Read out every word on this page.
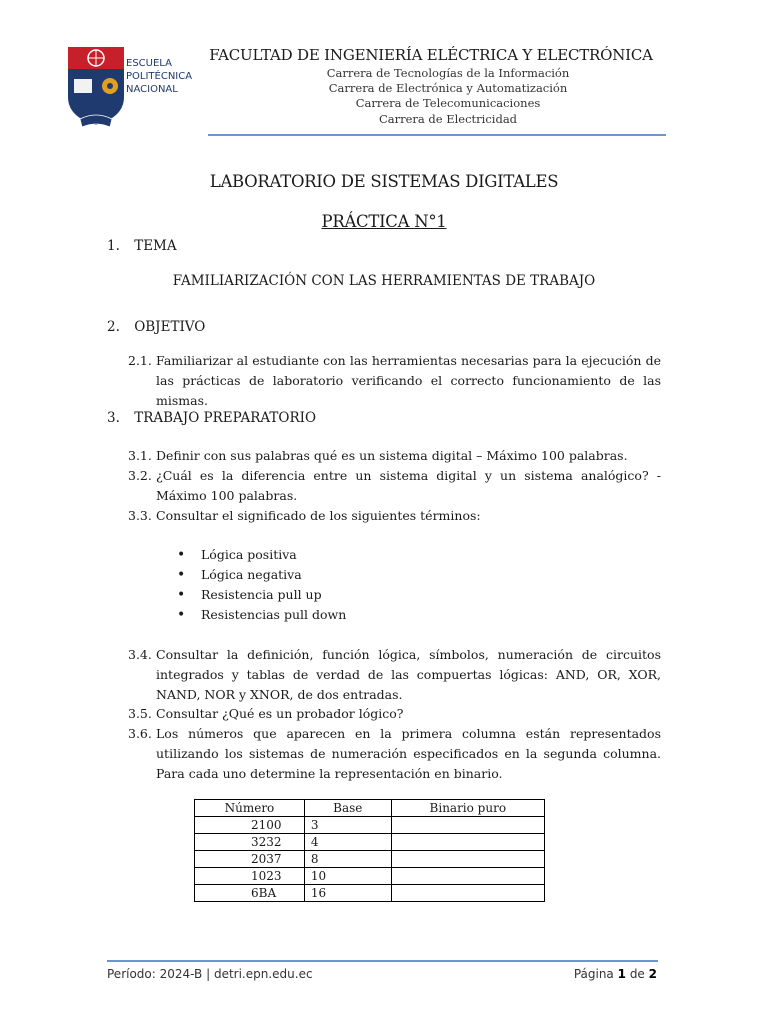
ESCUELA
POLITÉCNICA
NACIONAL
FACULTAD DE INGENIERÍA ELÉCTRICA Y ELECTRÓNICA
Carrera de Tecnologías de la Información
Carrera de Electrónica y Automatización
Carrera de Telecomunicaciones
Carrera de Electricidad
LABORATORIO DE SISTEMAS DIGITALES
PRÁCTICA N°1
1. TEMA
FAMILIARIZACIÓN CON LAS HERRAMIENTAS DE TRABAJO
2. OBJETIVO
2.1. Familiarizar al estudiante con las herramientas necesarias para la ejecución de las prácticas de laboratorio verificando el correcto funcionamiento de las mismas.
3. TRABAJO PREPARATORIO
3.1. Definir con sus palabras qué es un sistema digital – Máximo 100 palabras.
3.2. ¿Cuál es la diferencia entre un sistema digital y un sistema analógico? - Máximo 100 palabras.
3.3. Consultar el significado de los siguientes términos:
• Lógica positiva
• Lógica negativa
• Resistencia pull up
• Resistencias pull down
3.4. Consultar la definición, función lógica, símbolos, numeración de circuitos integrados y tablas de verdad de las compuertas lógicas: AND, OR, XOR, NAND, NOR y XNOR, de dos entradas.
3.5. Consultar ¿Qué es un probador lógico?
3.6. Los números que aparecen en la primera columna están representados utilizando los sistemas de numeración especificados en la segunda columna. Para cada uno determine la representación en binario.
Número	Base	Binario puro
2100	3	
3232	4	
2037	8	
1023	10	
6BA	16	
Período: 2024-B | detri.epn.edu.ec	Página 1 de 2
